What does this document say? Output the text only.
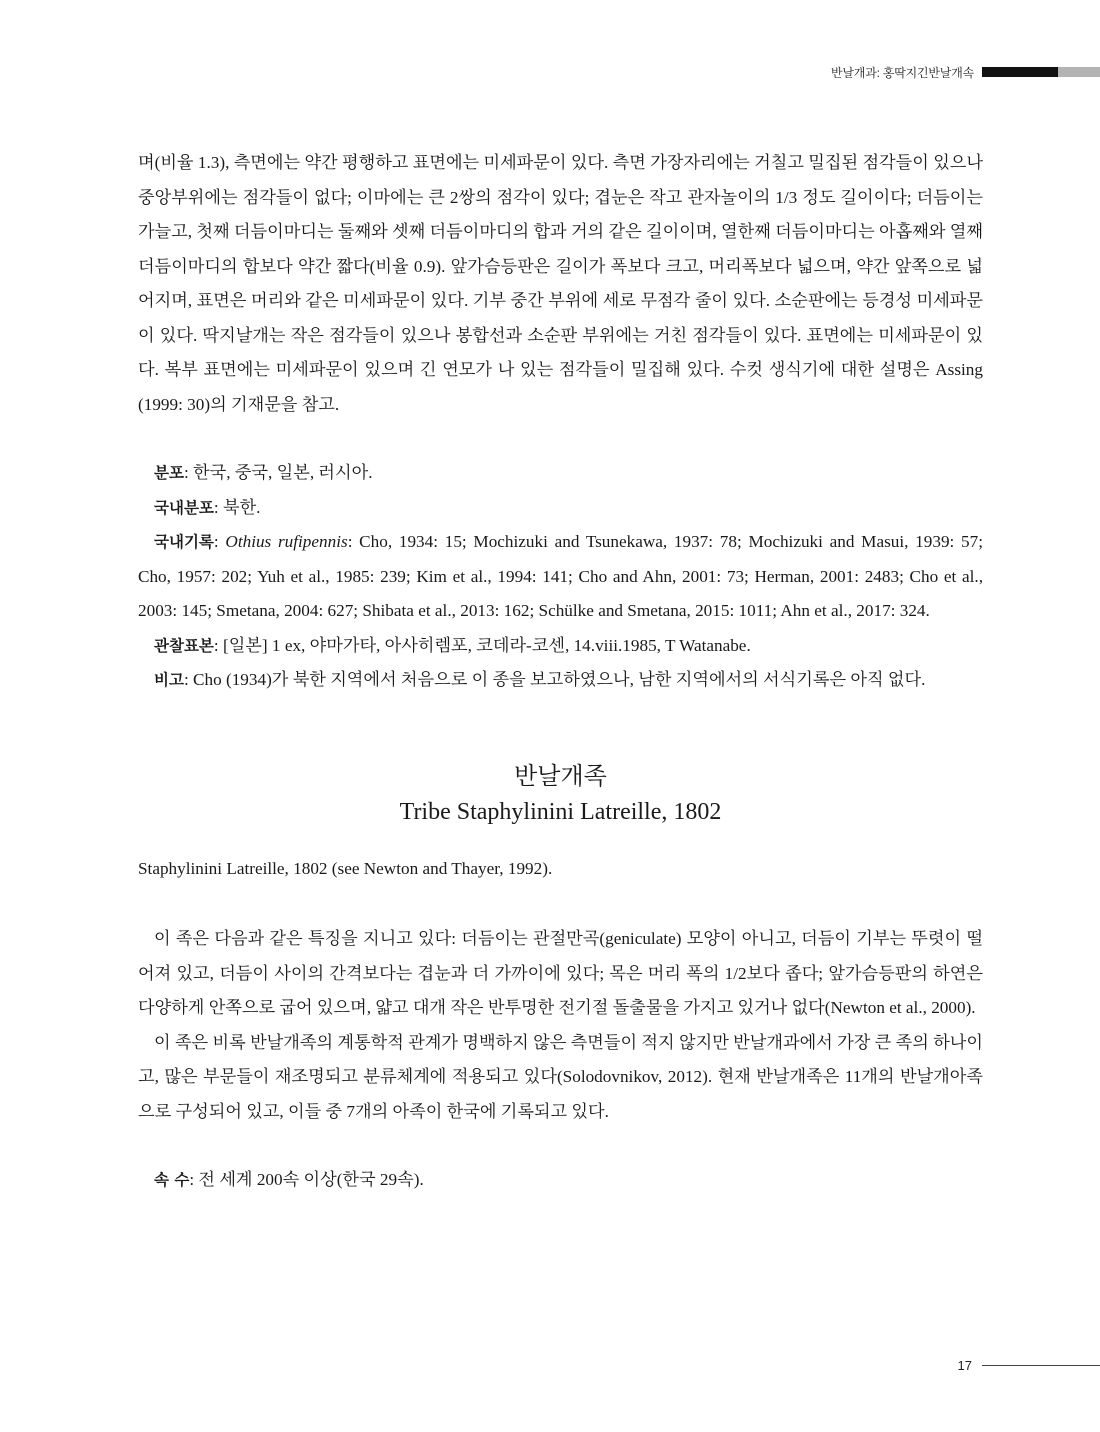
반날개과: 홍딱지긴반날개속

며(비율 1.3), 측면에는 약간 평행하고 표면에는 미세파문이 있다. 측면 가장자리에는 거칠고 밀집된 점각들이 있으나 중앙부위에는 점각들이 없다; 이마에는 큰 2쌍의 점각이 있다; 겹눈은 작고 관자놀이의 1/3 정도 길이이다; 더듬이는 가늘고, 첫째 더듬이마디는 둘째와 셋째 더듬이마디의 합과 거의 같은 길이이며, 열한째 더듬이마디는 아홉째와 열째 더듬이마디의 합보다 약간 짧다(비율 0.9). 앞가슴등판은 길이가 폭보다 크고, 머리폭보다 넓으며, 약간 앞쪽으로 넓어지며, 표면은 머리와 같은 미세파문이 있다. 기부 중간 부위에 세로 무점각 줄이 있다. 소순판에는 등경성 미세파문이 있다. 딱지날개는 작은 점각들이 있으나 봉합선과 소순판 부위에는 거친 점각들이 있다. 표면에는 미세파문이 있다. 복부 표면에는 미세파문이 있으며 긴 연모가 나 있는 점각들이 밀집해 있다. 수컷 생식기에 대한 설명은 Assing (1999: 30)의 기재문을 참고.

분포: 한국, 중국, 일본, 러시아.

국내분포: 북한.

국내기록: Othius rufipennis: Cho, 1934: 15; Mochizuki and Tsunekawa, 1937: 78; Mochizuki and Masui, 1939: 57; Cho, 1957: 202; Yuh et al., 1985: 239; Kim et al., 1994: 141; Cho and Ahn, 2001: 73; Herman, 2001: 2483; Cho et al., 2003: 145; Smetana, 2004: 627; Shibata et al., 2013: 162; Schülke and Smetana, 2015: 1011; Ahn et al., 2017: 324.

관찰표본: [일본] 1 ex, 야마가타, 아사히렘포, 코데라-코센, 14.viii.1985, T Watanabe.

비고: Cho (1934)가 북한 지역에서 처음으로 이 종을 보고하였으나, 남한 지역에서의 서식기록은 아직 없다.

반날개족
Tribe Staphylinini Latreille, 1802

Staphylinini Latreille, 1802 (see Newton and Thayer, 1992).

이 족은 다음과 같은 특징을 지니고 있다: 더듬이는 관절만곡(geniculate) 모양이 아니고, 더듬이 기부는 뚜렷이 떨어져 있고, 더듬이 사이의 간격보다는 겹눈과 더 가까이에 있다; 목은 머리 폭의 1/2보다 좁다; 앞가슴등판의 하연은 다양하게 안쪽으로 굽어 있으며, 얇고 대개 작은 반투명한 전기절 돌출물을 가지고 있거나 없다(Newton et al., 2000).

이 족은 비록 반날개족의 계통학적 관계가 명백하지 않은 측면들이 적지 않지만 반날개과에서 가장 큰 족의 하나이고, 많은 부문들이 재조명되고 분류체계에 적용되고 있다(Solodovnikov, 2012). 현재 반날개족은 11개의 반날개아족으로 구성되어 있고, 이들 중 7개의 아족이 한국에 기록되고 있다.

속 수: 전 세계 200속 이상(한국 29속).

17
